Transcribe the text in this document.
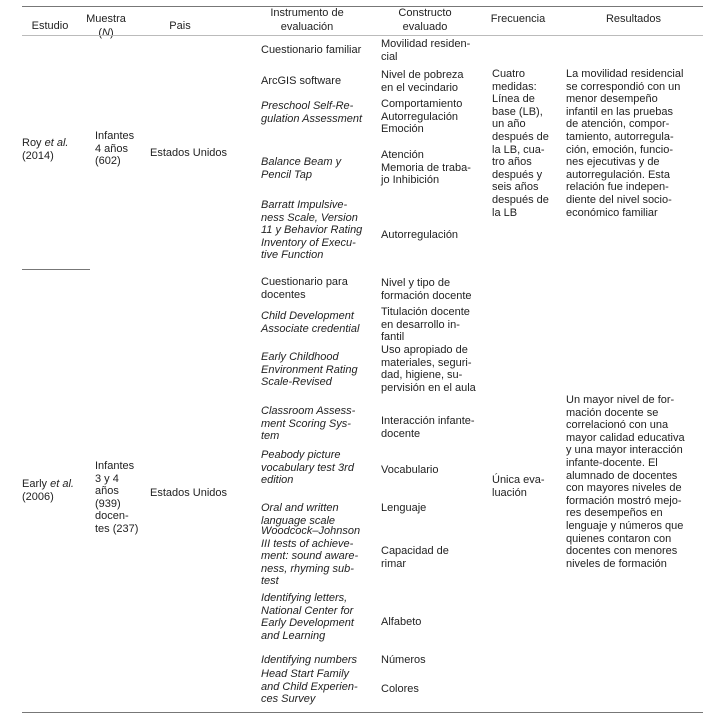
Estudio
Muestra
(N)
Pais
Instrumento de
evaluación
Constructo
evaluado
Frecuencia	Resultados
Roy et al.
(2014)
Infantes
4 años
(602)
Estados Unidos
Cuestionario familiar
ArcGIS software
Preschool Self-Re-
gulation Assessment
Balance Beam y
Pencil Tap
Barratt Impulsive-
ness Scale, Version
11 y Behavior Rating
Inventory of Execu-
tive Function
Movilidad residen-
cial
Nivel de pobreza
en el vecindario
Comportamiento
Autorregulación
Emoción
Atención
Memoria de traba-
jo Inhibición
Autorregulación
Cuatro
medidas:
Línea de
base (LB),
un año
después de
la LB, cua-
tro años
después y
seis años
después de
la LB
La movilidad residencial
se correspondió con un
menor desempeño
infantil en las pruebas
de atención, compor-
tamiento, autorregula-
ción, emoción, funcio-
nes ejecutivas y de
autorregulación. Esta
relación fue indepen-
diente del nivel socio-
económico familiar
Early et al.
(2006)
Infantes
3 y 4
años
(939)
docen-
tes (237)
Estados Unidos
Cuestionario para
docentes
Child Development
Associate credential
Early Childhood
Environment Rating
Scale-Revised
Classroom Assess-
ment Scoring Sys-
tem
Peabody picture
vocabulary test 3rd
edition
Oral and written
language scale
Woodcock–Johnson
III tests of achieve-
ment: sound aware-
ness, rhyming sub-
test
Identifying letters,
National Center for
Early Development
and Learning
Identifying numbers
Head Start Family
and Child Experien-
ces Survey
Nivel y tipo de
formación docente
Titulación docente
en desarrollo in-
fantil
Uso apropiado de
materiales, seguri-
dad, higiene, su-
pervisión en el aula
Interacción infante-
docente
Vocabulario
Lenguaje
Capacidad de
rimar
Alfabeto
Números
Colores
Única eva-
luación
Un mayor nivel de for-
mación docente se
correlacionó con una
mayor calidad educativa
y una mayor interacción
infante-docente. El
alumnado de docentes
con mayores niveles de
formación mostró mejo-
res desempeños en
lenguaje y números que
quienes contaron con
docentes con menores
niveles de formación
